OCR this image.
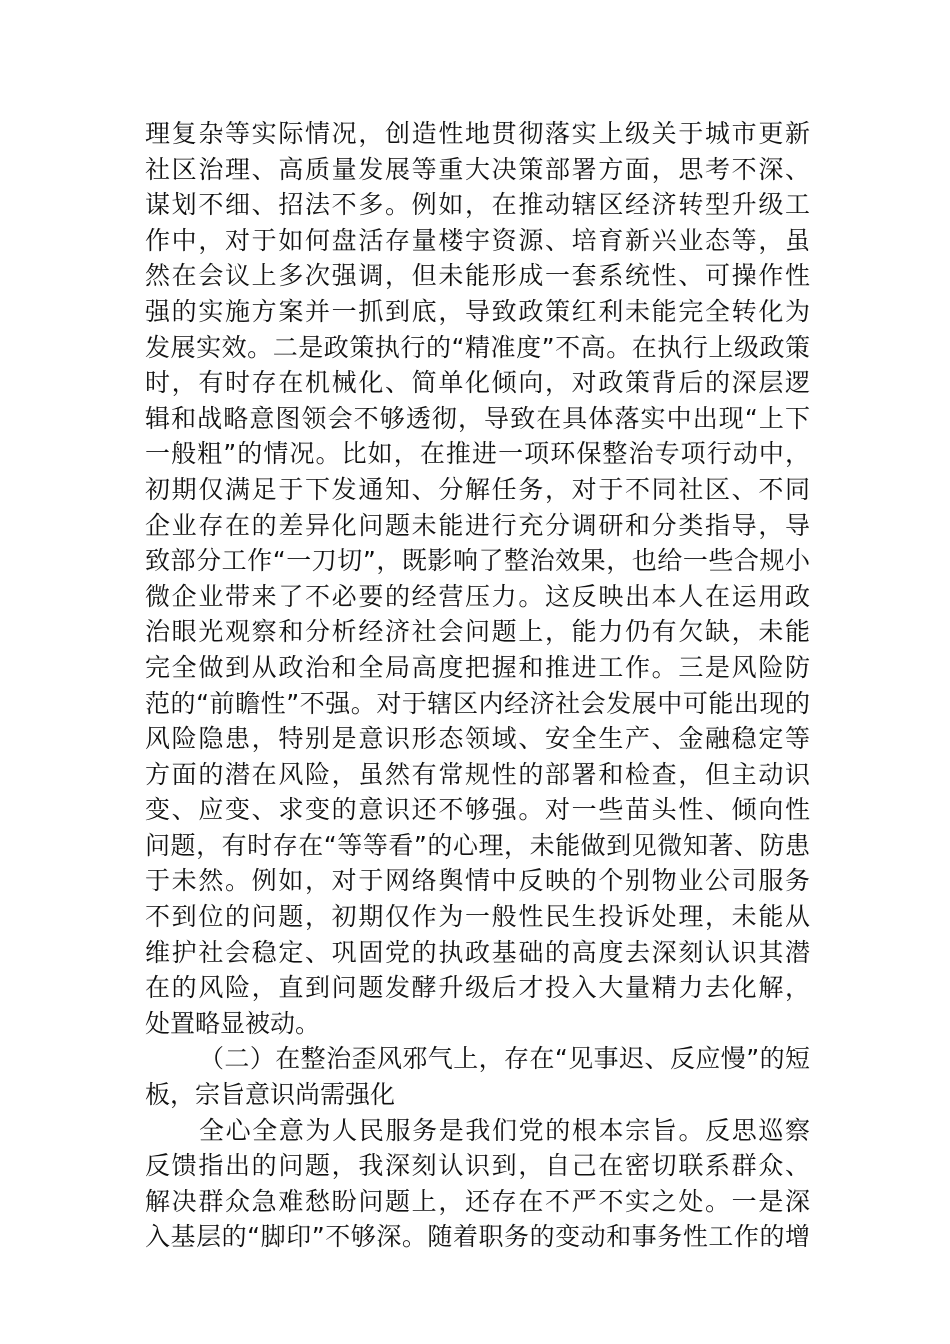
理复杂等实际情况，创造性地贯彻落实上级关于城市更新
社区治理、高质量发展等重大决策部署方面，思考不深、
谋划不细、招法不多。例如，在推动辖区经济转型升级工
作中，对于如何盘活存量楼宇资源、培育新兴业态等，虽
然在会议上多次强调，但未能形成一套系统性、可操作性
强的实施方案并一抓到底，导致政策红利未能完全转化为
发展实效。二是政策执行的“精准度”不高。在执行上级政策
时，有时存在机械化、简单化倾向，对政策背后的深层逻
辑和战略意图领会不够透彻，导致在具体落实中出现“上下
一般粗”的情况。比如，在推进一项环保整治专项行动中，
初期仅满足于下发通知、分解任务，对于不同社区、不同
企业存在的差异化问题未能进行充分调研和分类指导，导
致部分工作“一刀切”，既影响了整治效果，也给一些合规小
微企业带来了不必要的经营压力。这反映出本人在运用政
治眼光观察和分析经济社会问题上，能力仍有欠缺，未能
完全做到从政治和全局高度把握和推进工作。三是风险防
范的“前瞻性”不强。对于辖区内经济社会发展中可能出现的
风险隐患，特别是意识形态领域、安全生产、金融稳定等
方面的潜在风险，虽然有常规性的部署和检查，但主动识
变、应变、求变的意识还不够强。对一些苗头性、倾向性
问题，有时存在“等等看”的心理，未能做到见微知著、防患
于未然。例如，对于网络舆情中反映的个别物业公司服务
不到位的问题，初期仅作为一般性民生投诉处理，未能从
维护社会稳定、巩固党的执政基础的高度去深刻认识其潜
在的风险，直到问题发酵升级后才投入大量精力去化解，
处置略显被动。
（二）在整治歪风邪气上，存在“见事迟、反应慢”的短
板，宗旨意识尚需强化
全心全意为人民服务是我们党的根本宗旨。反思巡察
反馈指出的问题，我深刻认识到，自己在密切联系群众、
解决群众急难愁盼问题上，还存在不严不实之处。一是深
入基层的“脚印”不够深。随着职务的变动和事务性工作的增
